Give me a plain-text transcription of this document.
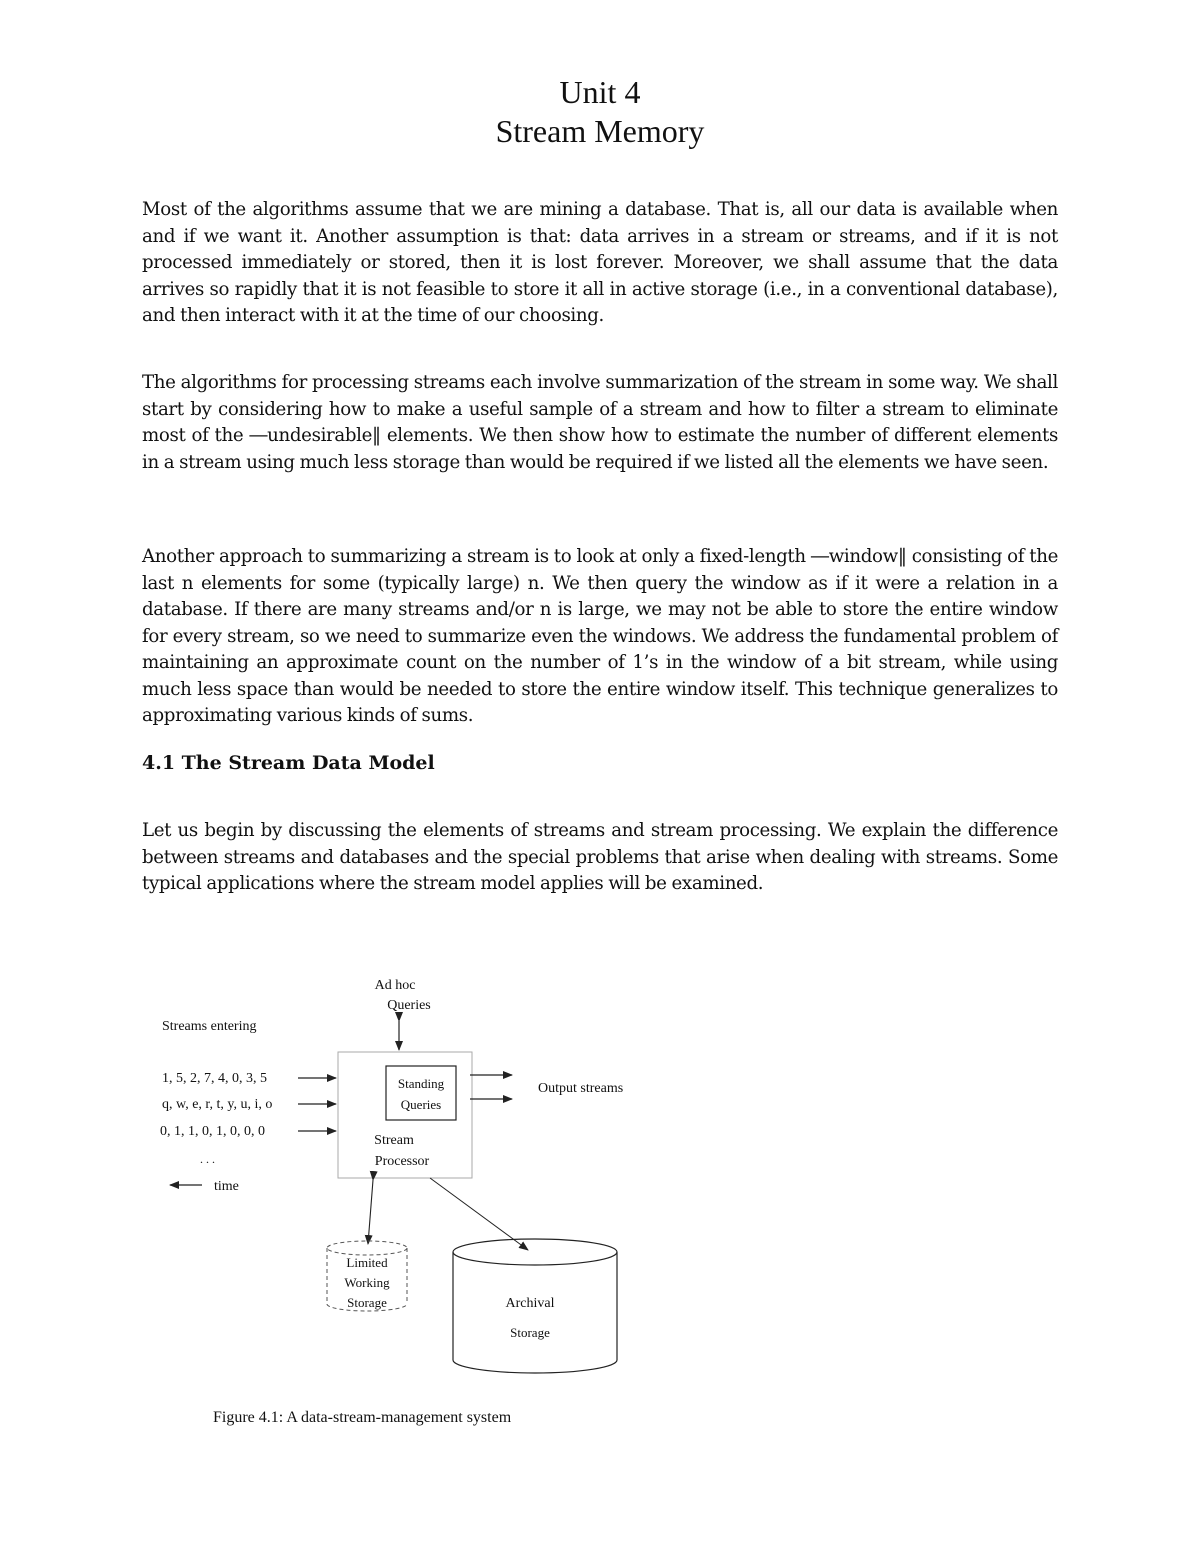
Unit 4
Stream Memory

Most of the algorithms assume that we are mining a database. That is, all our data is available when and if we want it. Another assumption is that: data arrives in a stream or streams, and if it is not processed immediately or stored, then it is lost forever. Moreover, we shall assume that the data arrives so rapidly that it is not feasible to store it all in active storage (i.e., in a conventional database), and then interact with it at the time of our choosing.

The algorithms for processing streams each involve summarization of the stream in some way. We shall start by considering how to make a useful sample of a stream and how to filter a stream to eliminate most of the ―undesirable‖ elements. We then show how to estimate the number of different elements in a stream using much less storage than would be required if we listed all the elements we have seen.

Another approach to summarizing a stream is to look at only a fixed-length ―window‖ consisting of the last n elements for some (typically large) n. We then query the window as if it were a relation in a database. If there are many streams and/or n is large, we may not be able to store the entire window for every stream, so we need to summarize even the windows. We address the fundamental problem of maintaining an approximate count on the number of 1’s in the window of a bit stream, while using much less space than would be needed to store the entire window itself. This technique generalizes to approximating various kinds of sums.

4.1 The Stream Data Model

Let us begin by discussing the elements of streams and stream processing. We explain the difference between streams and databases and the special problems that arise when dealing with streams. Some typical applications where the stream model applies will be examined.

Ad hoc
Queries
Streams entering
1, 5, 2, 7, 4, 0, 3, 5
q, w, e, r, t, y, u, i, o
0, 1, 1, 0, 1, 0, 0, 0
. . .
time
Standing
Queries
Stream
Processor
Output streams
Limited
Working
Storage	Archival
Storage
Figure 4.1: A data-stream-management system
